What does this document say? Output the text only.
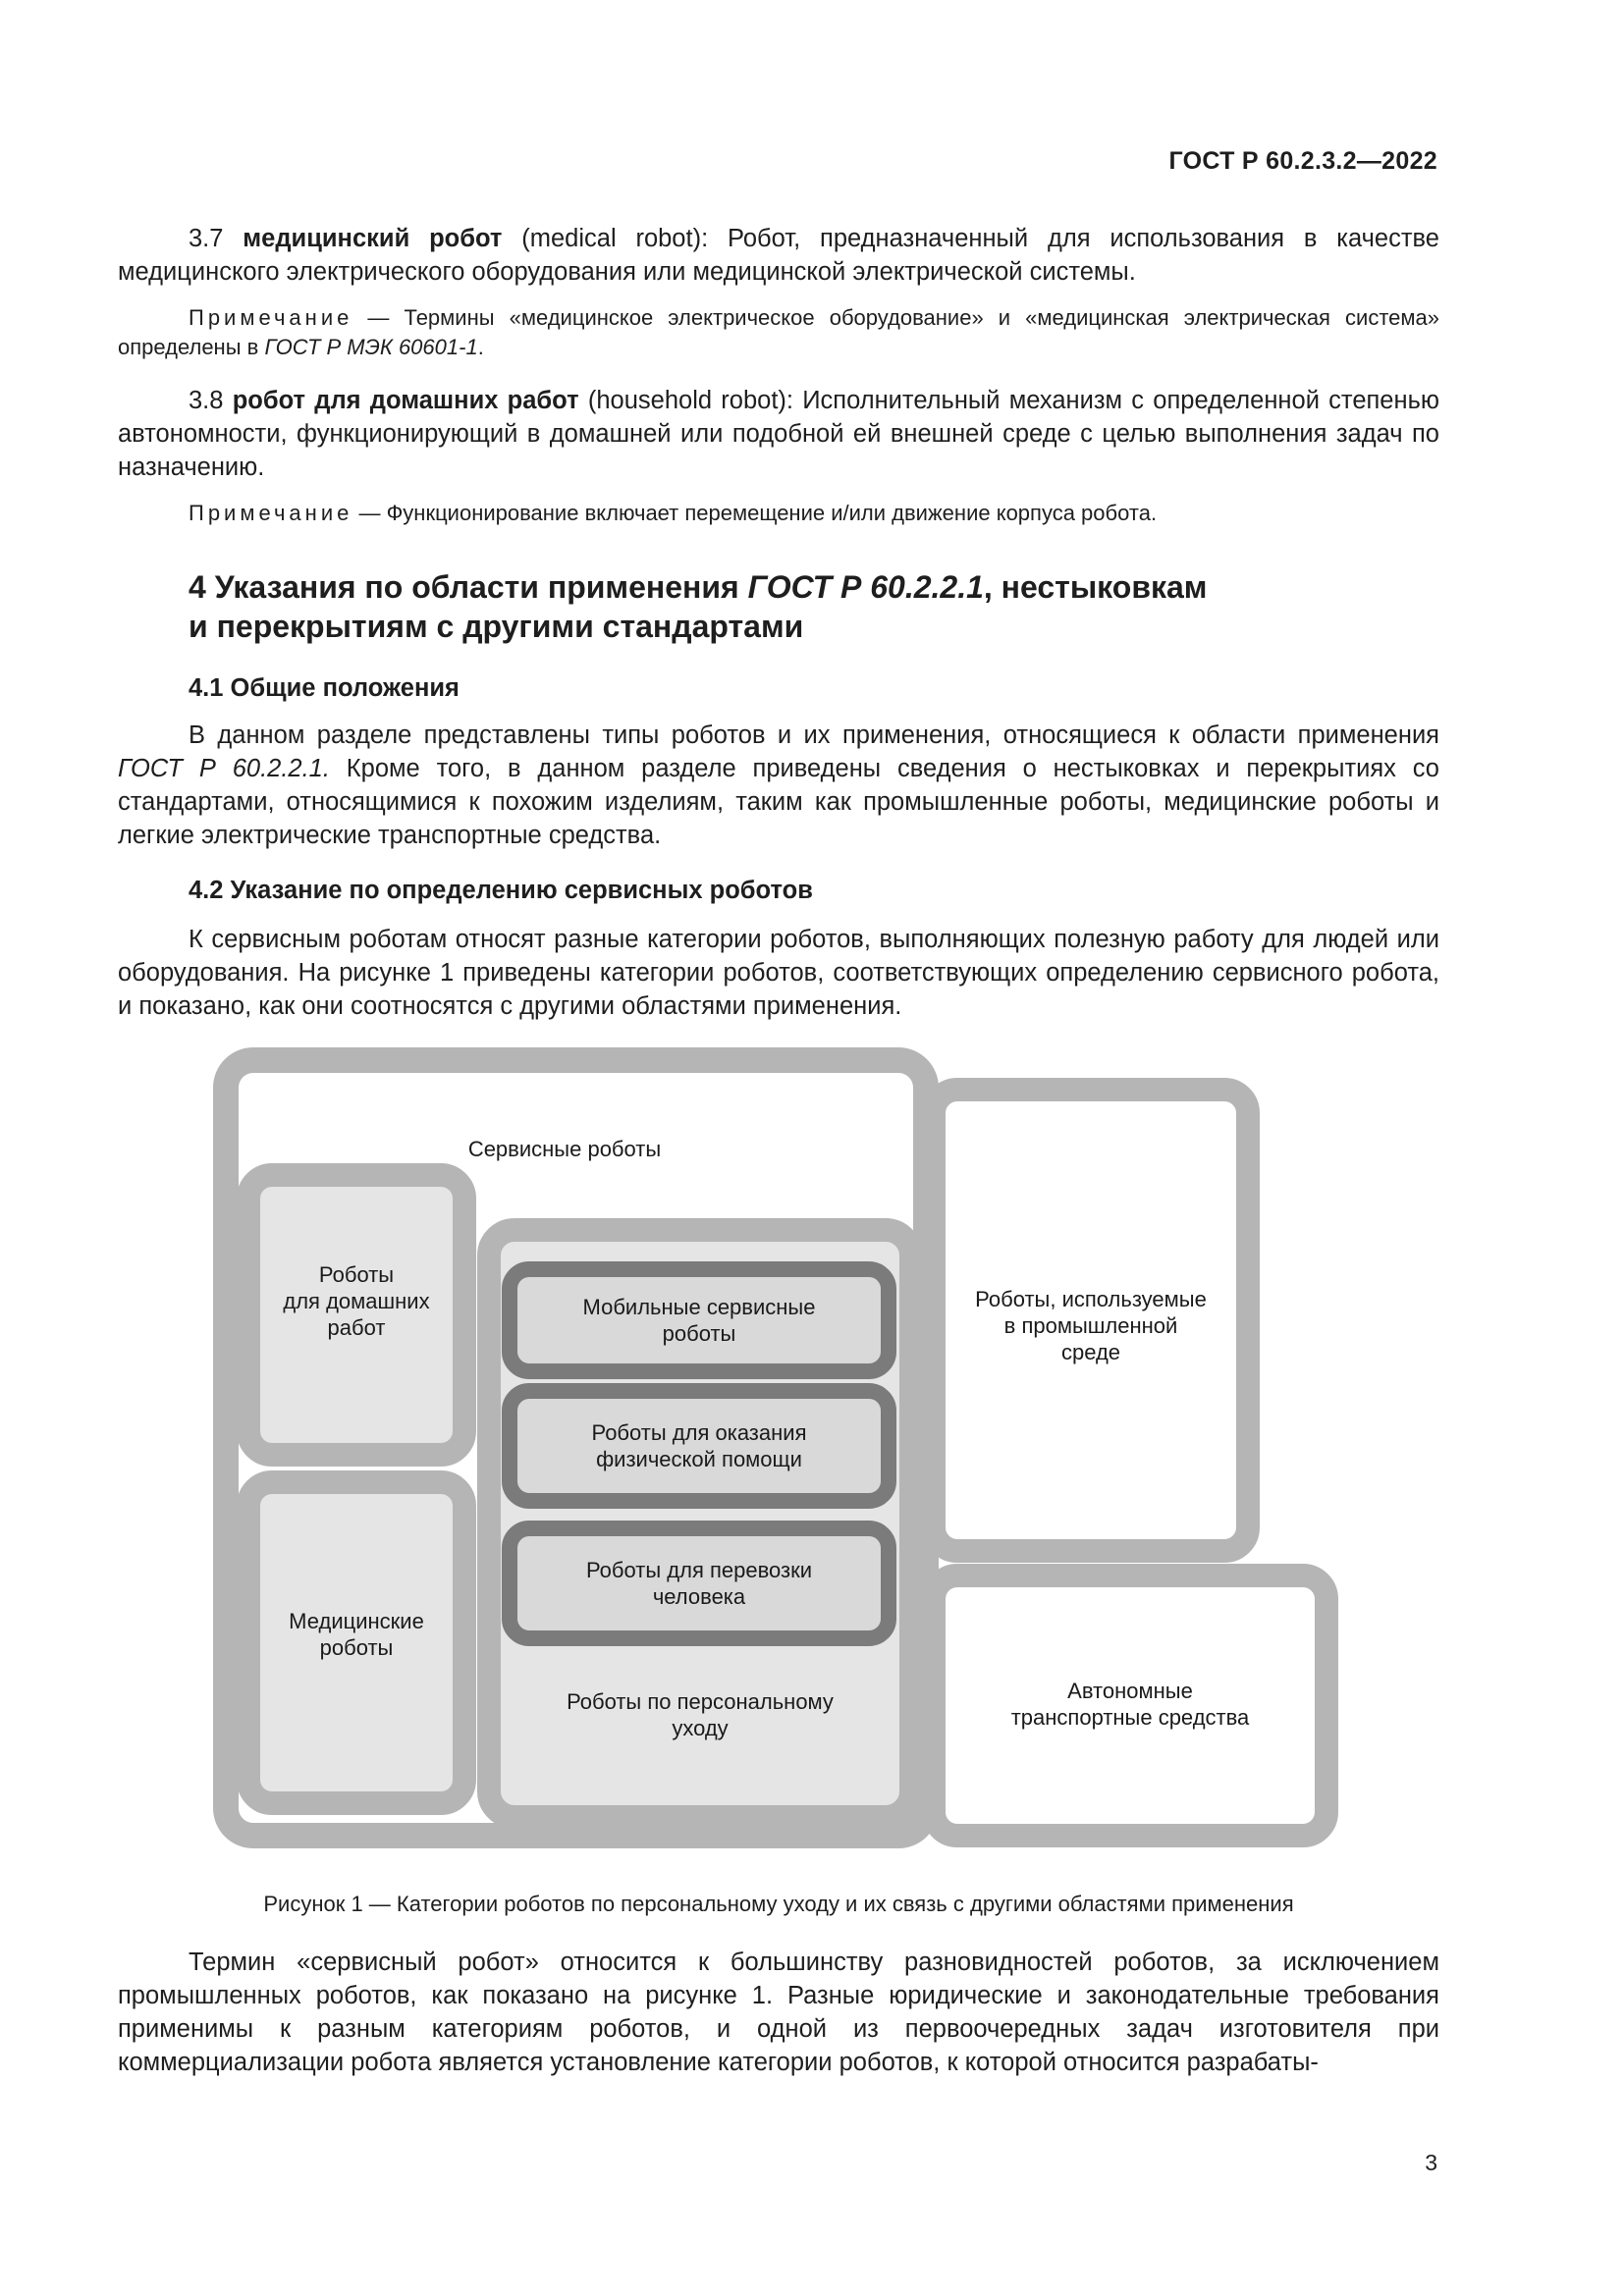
ГОСТ Р 60.2.3.2—2022

3.7 медицинский робот (medical robot): Робот, предназначенный для использования в качестве медицинского электрического оборудования или медицинской электрической системы.

Примечание — Термины «медицинское электрическое оборудование» и «медицинская электрическая система» определены в ГОСТ Р МЭК 60601-1.

3.8 робот для домашних работ (household robot): Исполнительный механизм с определенной степенью автономности, функционирующий в домашней или подобной ей внешней среде с целью выполнения задач по назначению.

Примечание — Функционирование включает перемещение и/или движение корпуса робота.

4 Указания по области применения ГОСТ Р 60.2.2.1, нестыковкам
и перекрытиям с другими стандартами

4.1 Общие положения

В данном разделе представлены типы роботов и их применения, относящиеся к области применения ГОСТ Р 60.2.2.1. Кроме того, в данном разделе приведены сведения о нестыковках и перекрытиях со стандартами, относящимися к похожим изделиям, таким как промышленные роботы, медицинские роботы и легкие электрические транспортные средства.

4.2 Указание по определению сервисных роботов

К сервисным роботам относят разные категории роботов, выполняющих полезную работу для людей или оборудования. На рисунке 1 приведены категории роботов, соответствующих определению сервисного робота, и показано, как они соотносятся с другими областями применения.

Сервисные роботы
Роботы
для домашних
работ
Медицинские
роботы
Мобильные сервисные
роботы
Роботы для оказания
физической помощи
Роботы для перевозки
человека
Роботы по персональному
уходу
Роботы, используемые
в промышленной
среде
Автономные
транспортные средства
Рисунок 1 — Категории роботов по персональному уходу и их связь с другими областями применения

Термин «сервисный робот» относится к большинству разновидностей роботов, за исключением промышленных роботов, как показано на рисунке 1. Разные юридические и законодательные требования применимы к разным категориям роботов, и одной из первоочередных задач изготовителя при коммерциализации робота является установление категории роботов, к которой относится разрабаты-

3
